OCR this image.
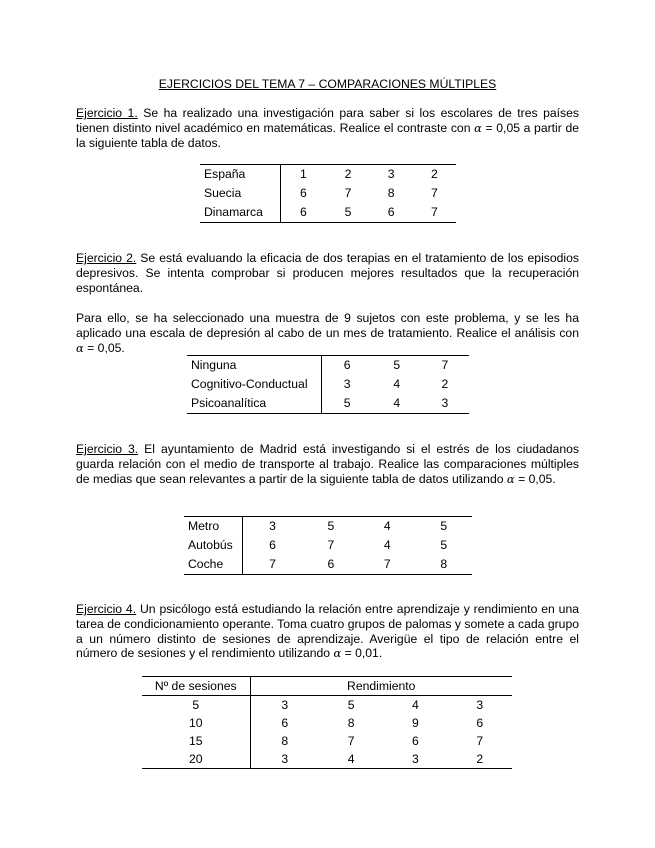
EJERCICIOS DEL TEMA 7 – COMPARACIONES MÚLTIPLES

Ejercicio 1. Se ha realizado una investigación para saber si los escolares de tres países tienen distinto nivel académico en matemáticas. Realice el contraste con α = 0,05 a partir de la siguiente tabla de datos.

España	1	2	3	2
Suecia	6	7	8	7
Dinamarca	6	5	6	7

Ejercicio 2. Se está evaluando la eficacia de dos terapias en el tratamiento de los episodios depresivos. Se intenta comprobar si producen mejores resultados que la recuperación espontánea.

Para ello, se ha seleccionado una muestra de 9 sujetos con este problema, y se les ha aplicado una escala de depresión al cabo de un mes de tratamiento. Realice el análisis con α = 0,05.

Ninguna	6	5	7
Cognitivo-Conductual	3	4	2
Psicoanalítica	5	4	3

Ejercicio 3. El ayuntamiento de Madrid está investigando si el estrés de los ciudadanos guarda relación con el medio de transporte al trabajo. Realice las comparaciones múltiples de medias que sean relevantes a partir de la siguiente tabla de datos utilizando α = 0,05.

Metro	3	5	4	5
Autobús	6	7	4	5
Coche	7	6	7	8

Ejercicio 4. Un psicólogo está estudiando la relación entre aprendizaje y rendimiento en una tarea de condicionamiento operante. Toma cuatro grupos de palomas y somete a cada grupo a un número distinto de sesiones de aprendizaje. Averigüe el tipo de relación entre el número de sesiones y el rendimiento utilizando α = 0,01.

Nº de sesiones	Rendimiento			
5	3	5	4	3
10	6	8	9	6
15	8	7	6	7
20	3	4	3	2
